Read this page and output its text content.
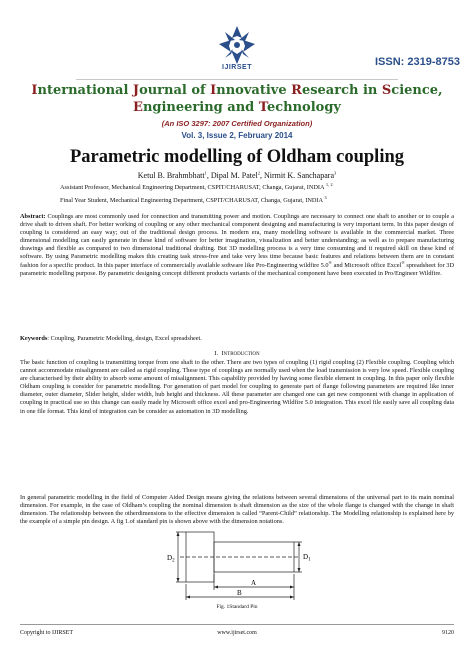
IJIRSET	ISSN: 2319-8753
International Journal of Innovative Research in Science,
Engineering and Technology
(An ISO 3297: 2007 Certified Organization)
Vol. 3, Issue 2, February 2014
Parametric modelling of Oldham coupling
Ketul B. Brahmbhatt$^1$, Dipal M. Patel$^2$, Nirmit K. Sanchapara$^3$
Assistant Professor, Mechanical Engineering Department, CSPIT/CHARUSAT, Changa, Gujarat, INDIA $^{1, 2}$
Final Year Student, Mechanical Engineering Department, CSPIT/CHARUSAT, Changa, Gujarat, INDIA $^3$
Abstract: Couplings are most commonly used for connection and transmitting power and motion. Couplings are necessary to connect one shaft to another or to couple a drive shaft to driven shaft. For better working of coupling or any other mechanical component designing and manufacturing is very important term. In this paper design of coupling is considered an easy way; out of the traditional design process. In modern era, many modelling software is available in the commercial market. Three dimensional modelling can easily generate in these kind of software for better imagination, visualization and better understanding; as well as to prepare manufacturing drawings and flexible as compared to two dimensional traditional drafting. But 3D modelling process is a very time consuming and it required skill on these kind of software. By using Parametric modelling makes this creating task stress-free and take very less time because basic features and relations between them are in constant fashion for a specific product. In this paper interface of commercially available software like Pro-Engineering wildfire 5.0® and Microsoft office Excel® spreadsheet for 3D parametric modelling purpose. By parametric designing concept different products variants of the mechanical component have been executed in Pro/Engineer Wildfire.
Keywords: Coupling, Parametric Modelling, design, Excel spreadsheet.
I. INTRODUCTION
The basic function of coupling is transmitting torque from one shaft to the other. There are two types of coupling (1) rigid coupling (2) Flexible coupling. Coupling which cannot accommodate misalignment are called as rigid coupling. These type of couplings are normally used when the load transmission is very low speed. Flexible coupling are characterised by their ability to absorb some amount of misalignment. This capability provided by having some flexible element in coupling. In this paper only flexible Oldham coupling is consider for parametric modelling. For generation of part model for coupling to generate part of flange following parameters are required like inner diameter, outer diameter, Slider height, slider width, hub height and thickness. All these parameter are changed one can get new component with change in application of coupling in practical use so this change can easily made by Microsoft office excel and pro-Engineering Wildfire 5.0 integration. This excel file easily save all coupling data in one file format. This kind of integration can be consider as automation in 3D modelling.
In general parametric modelling in the field of Computer Aided Design means giving the relations between several dimensions of the universal part to its main nominal dimension. For example, in the case of Oldham’s coupling the nominal dimension is shaft dimension as the size of the whole flange is changed with the change in shaft dimension. The relationship between the otherdimensions to the effective dimension is called “Parent-Child” relationship. The Modelling relationship is explained here by the example of a simple pin design. A fig 1.of standard pin is shown above with the dimension notations.
$D_2$	$D_1$
A
B
Fig. 1Standard Pin
Copyright to IJIRSET	www.ijirset.com	9120
